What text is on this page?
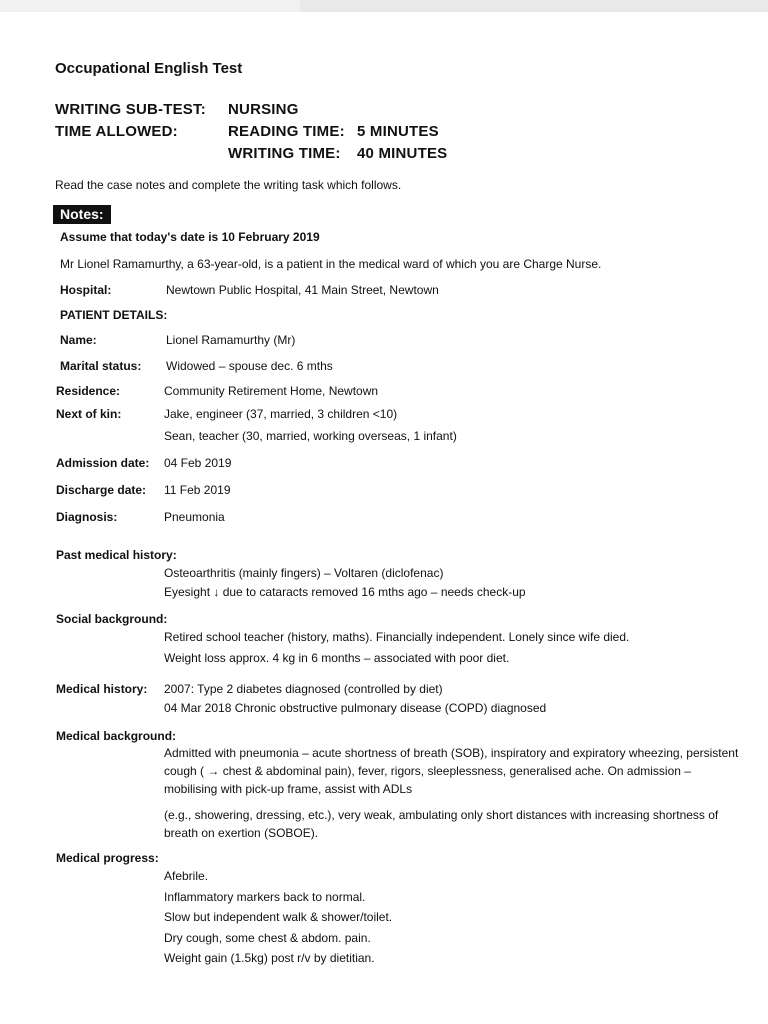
Occupational English Test
WRITING SUB-TEST: NURSING
TIME ALLOWED:	READING TIME: 5 MINUTES
WRITING TIME: 40 MINUTES
Read the case notes and complete the writing task which follows.
Notes:
Assume that today's date is 10 February 2019
Mr Lionel Ramamurthy, a 63-year-old, is a patient in the medical ward of which you are Charge Nurse.
Hospital:	Newtown Public Hospital, 41 Main Street, Newtown
PATIENT DETAILS:
Name:	Lionel Ramamurthy (Mr)
Marital status: Widowed – spouse dec. 6 mths
Residence:	Community Retirement Home, Newtown
Next of kin:	Jake, engineer (37, married, 3 children <10)
Sean, teacher (30, married, working overseas, 1 infant)
Admission date: 04 Feb 2019
Discharge date: 11 Feb 2019
Diagnosis:	Pneumonia
Past medical history:
Osteoarthritis (mainly fingers) – Voltaren (diclofenac)
Eyesight ↓ due to cataracts removed 16 mths ago – needs check-up
Social background:
Retired school teacher (history, maths). Financially independent. Lonely since wife died.
Weight loss approx. 4 kg in 6 months – associated with poor diet.
Medical history: 2007: Type 2 diabetes diagnosed (controlled by diet)
04 Mar 2018 Chronic obstructive pulmonary disease (COPD) diagnosed
Medical background:
Admitted with pneumonia – acute shortness of breath (SOB), inspiratory and expiratory wheezing, persistent cough ( → chest & abdominal pain), fever, rigors, sleeplessness, generalised ache. On admission – mobilising with pick-up frame, assist with ADLs
(e.g., showering, dressing, etc.), very weak, ambulating only short distances with increasing shortness of breath on exertion (SOBOE).
Medical progress:
Afebrile.
Inflammatory markers back to normal.
Slow but independent walk & shower/toilet.
Dry cough, some chest & abdom. pain.
Weight gain (1.5kg) post r/v by dietitian.
